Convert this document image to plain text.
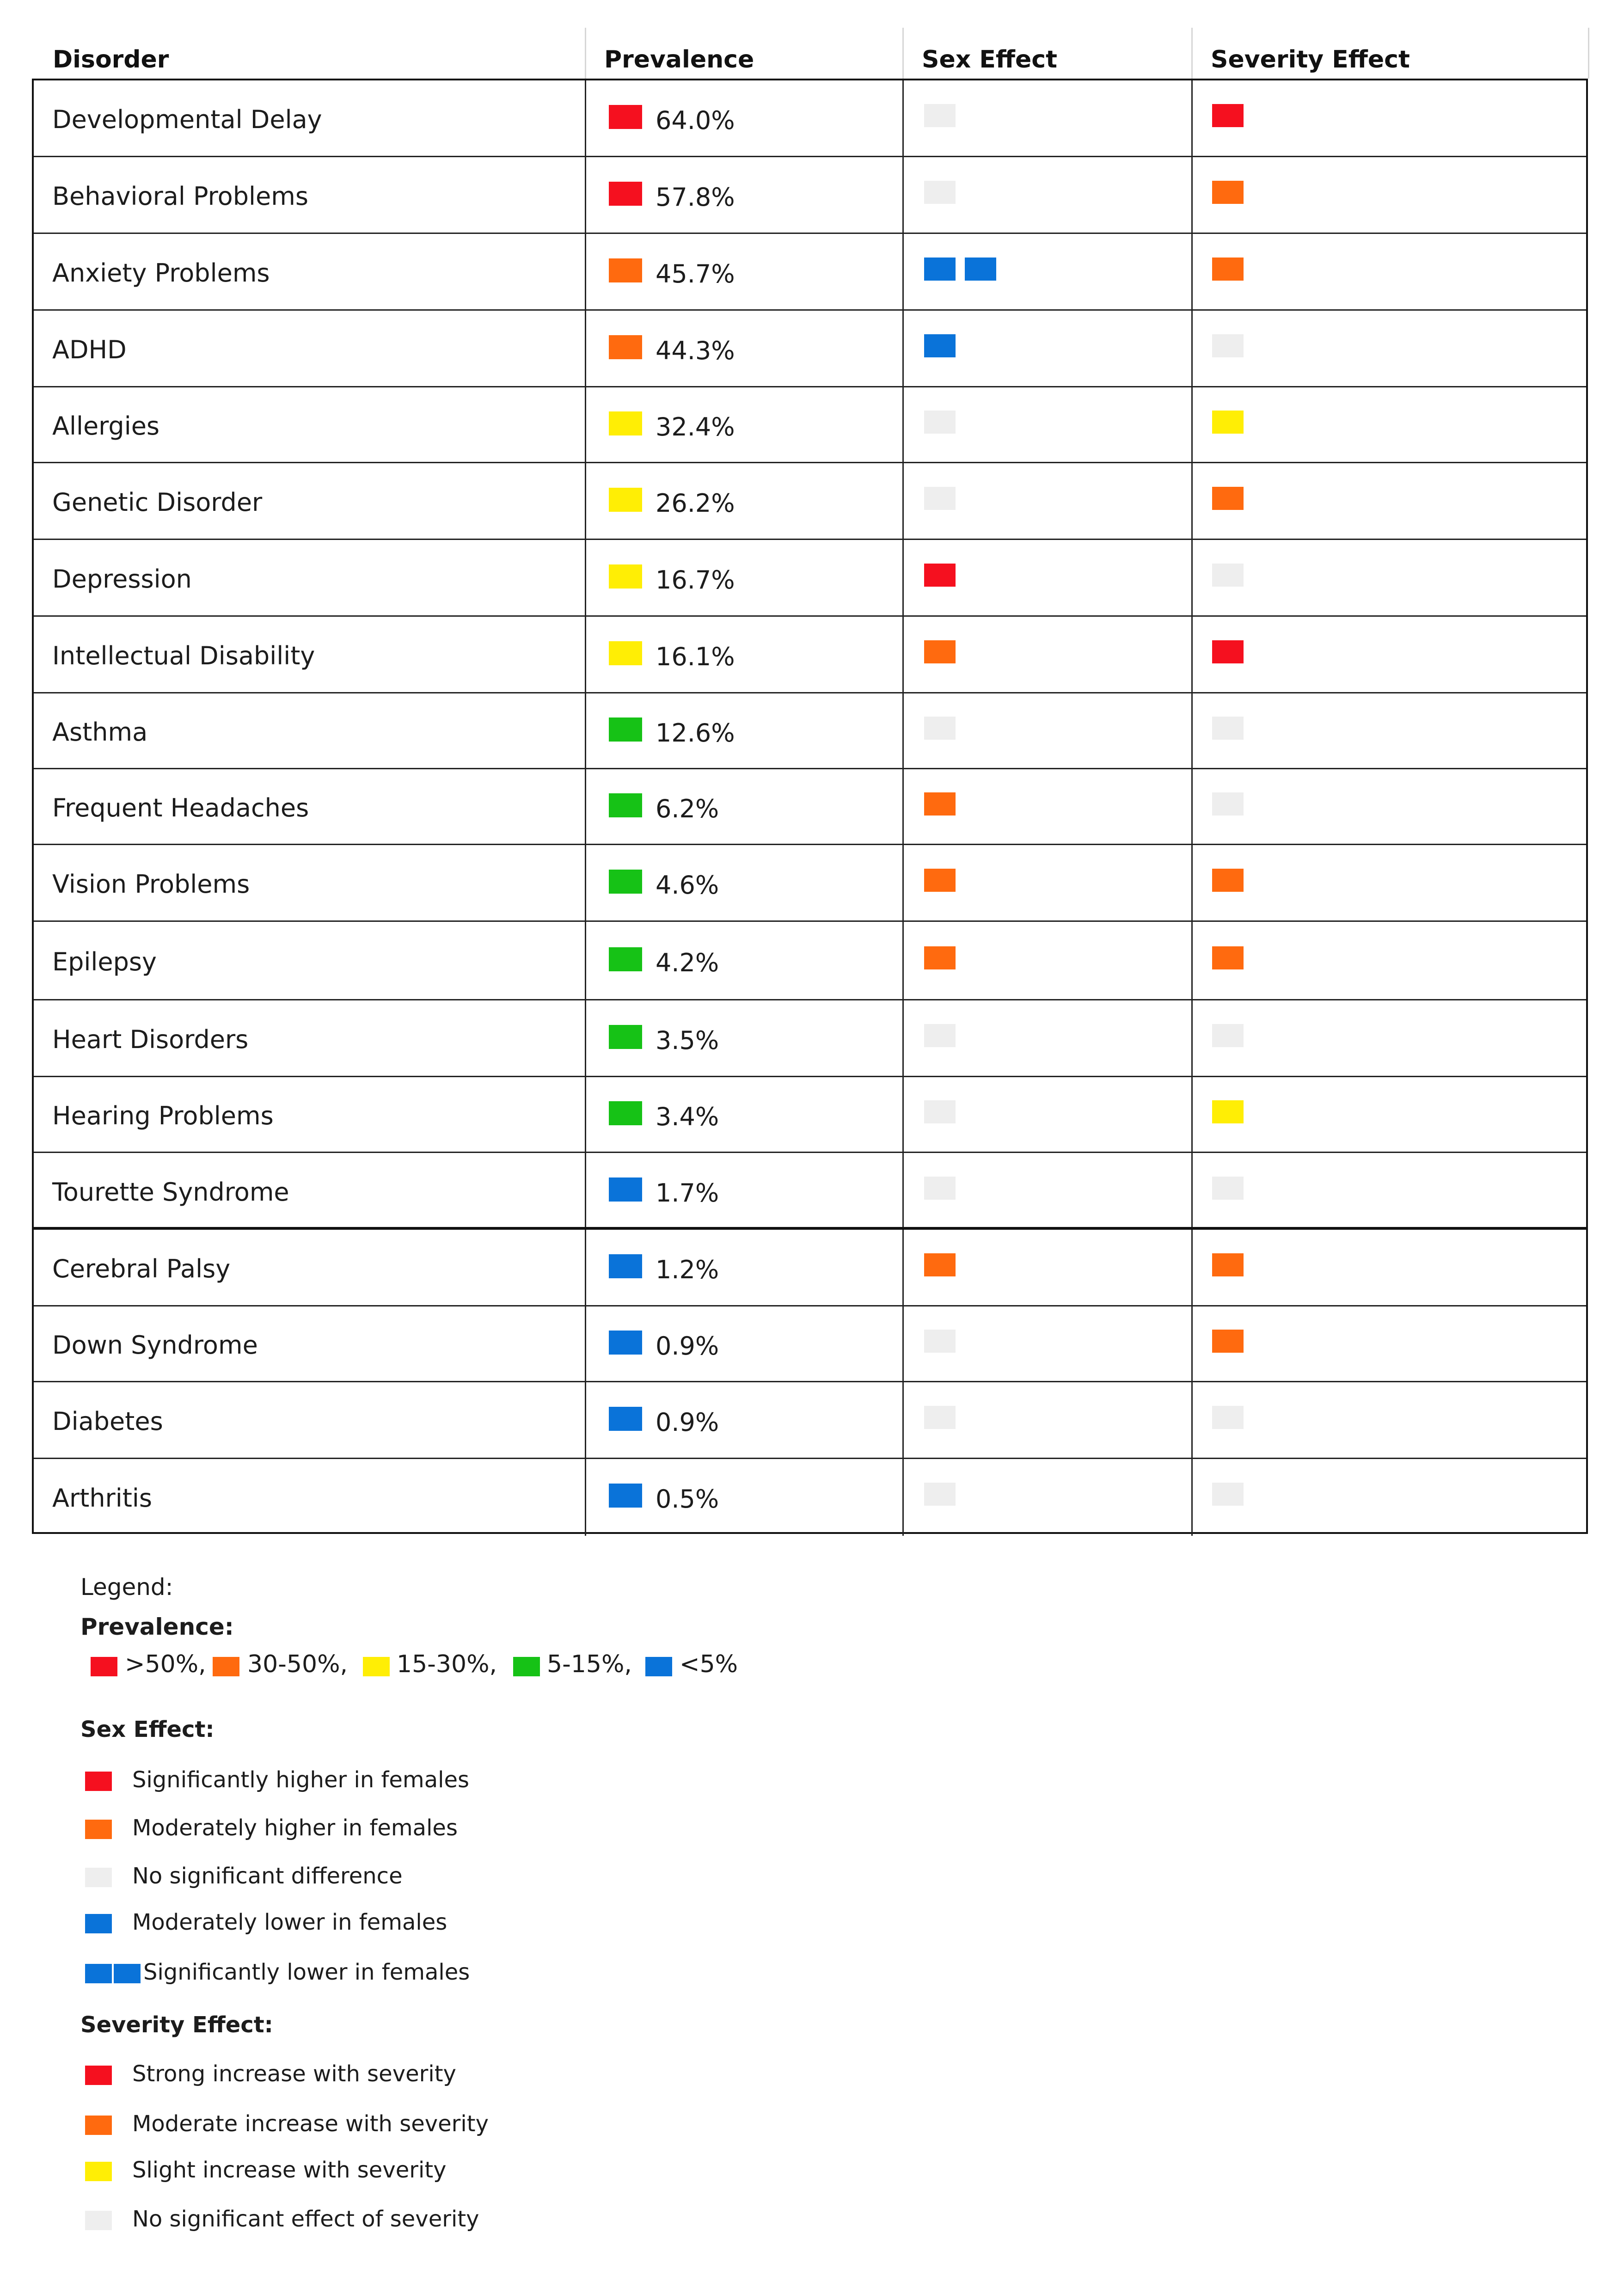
Disorder	Prevalence	Sex Effect	Severity Effect
Developmental Delay	64.0%
Behavioral Problems	57.8%
Anxiety Problems	45.7%
ADHD	44.3%
Allergies	32.4%
Genetic Disorder	26.2%
Depression	16.7%
Intellectual Disability	16.1%
Asthma	12.6%
Frequent Headaches	6.2%
Vision Problems	4.6%
Epilepsy	4.2%
Heart Disorders	3.5%
Hearing Problems	3.4%
Tourette Syndrome	1.7%
Cerebral Palsy	1.2%
Down Syndrome	0.9%
Diabetes	0.9%
Arthritis	0.5%
Legend:
Prevalence:
>50%, 30-50%, 15-30%, 5-15%, <5%
Sex Effect:
Significantly higher in females
Moderately higher in females
No significant difference
Moderately lower in females
Significantly lower in females
Severity Effect:
Strong increase with severity
Moderate increase with severity
Slight increase with severity
No significant effect of severity
